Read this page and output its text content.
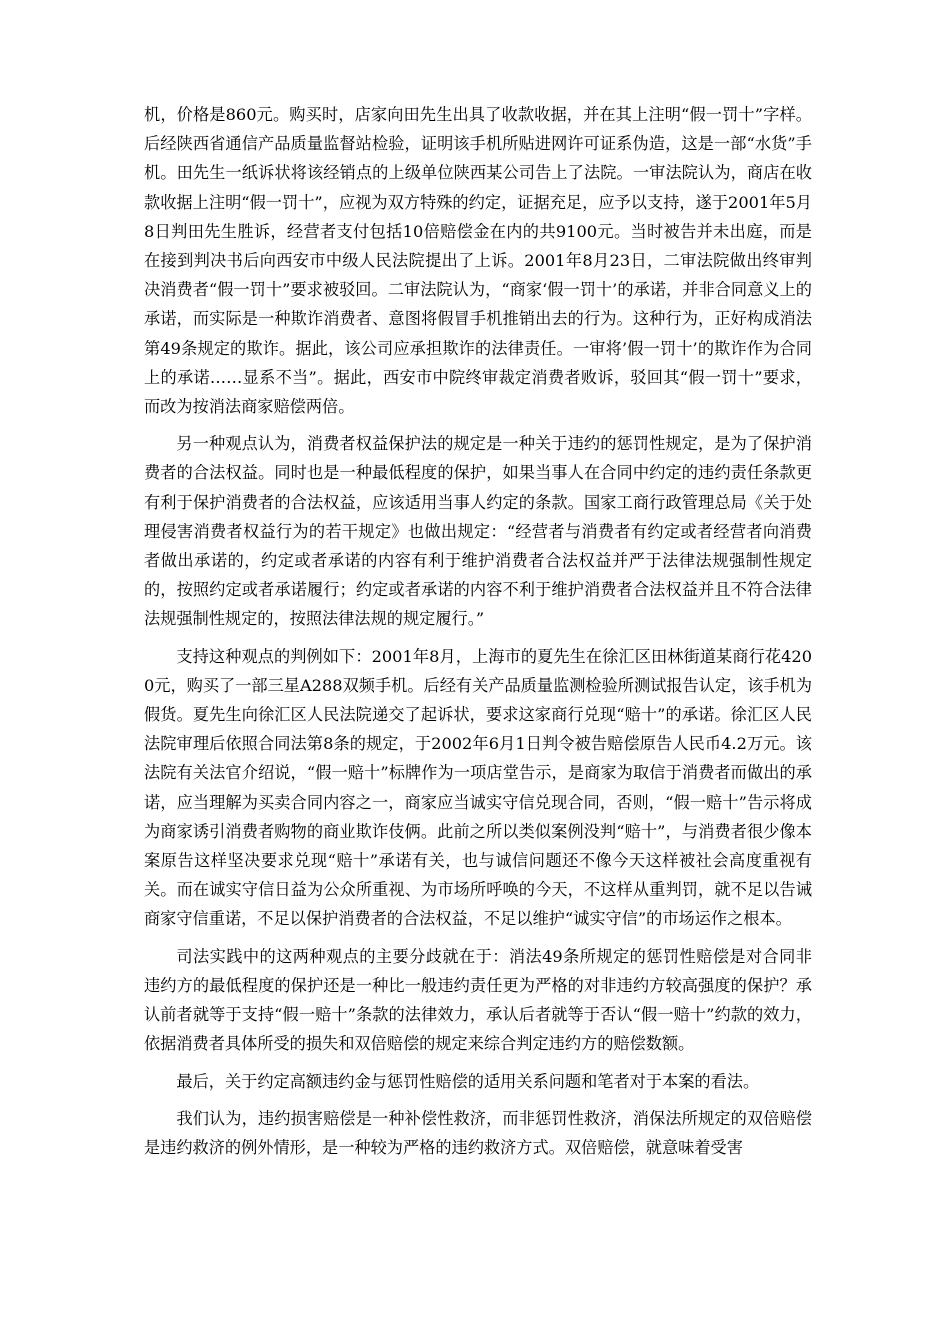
机，价格是860元。购买时，店家向田先生出具了收款收据，并在其上注明“假一罚十”字样。后经陕西省通信产品质量监督站检验，证明该手机所贴进网许可证系伪造，这是一部“水货”手机。田先生一纸诉状将该经销点的上级单位陕西某公司告上了法院。一审法院认为，商店在收款收据上注明“假一罚十”，应视为双方特殊的约定，证据充足，应予以支持，遂于2001年5月8日判田先生胜诉，经营者支付包括10倍赔偿金在内的共9100元。当时被告并未出庭，而是在接到判决书后向西安市中级人民法院提出了上诉。2001年8月23日，二审法院做出终审判决消费者“假一罚十”要求被驳回。二审法院认为，“商家‘假一罚十’的承诺，并非合同意义上的承诺，而实际是一种欺诈消费者、意图将假冒手机推销出去的行为。这种行为，正好构成消法第49条规定的欺诈。据此，该公司应承担欺诈的法律责任。一审将’假一罚十’的欺诈作为合同上的承诺……显系不当”。据此，西安市中院终审裁定消费者败诉，驳回其“假一罚十”要求，而改为按消法商家赔偿两倍。

另一种观点认为，消费者权益保护法的规定是一种关于违约的惩罚性规定，是为了保护消费者的合法权益。同时也是一种最低程度的保护，如果当事人在合同中约定的违约责任条款更有利于保护消费者的合法权益，应该适用当事人约定的条款。国家工商行政管理总局《关于处理侵害消费者权益行为的若干规定》也做出规定：“经营者与消费者有约定或者经营者向消费者做出承诺的，约定或者承诺的内容有利于维护消费者合法权益并严于法律法规强制性规定的，按照约定或者承诺履行；约定或者承诺的内容不利于维护消费者合法权益并且不符合法律法规强制性规定的，按照法律法规的规定履行。”

支持这种观点的判例如下：2001年8月，上海市的夏先生在徐汇区田林街道某商行花4200元，购买了一部三星A288双频手机。后经有关产品质量监测检验所测试报告认定，该手机为假货。夏先生向徐汇区人民法院递交了起诉状，要求这家商行兑现“赔十”的承诺。徐汇区人民法院审理后依照合同法第8条的规定，于2002年6月1日判令被告赔偿原告人民币4.2万元。该法院有关法官介绍说，“假一赔十”标牌作为一项店堂告示，是商家为取信于消费者而做出的承诺，应当理解为买卖合同内容之一，商家应当诚实守信兑现合同，否则，“假一赔十”告示将成为商家诱引消费者购物的商业欺诈伎俩。此前之所以类似案例没判“赔十”，与消费者很少像本案原告这样坚决要求兑现“赔十”承诺有关，也与诚信问题还不像今天这样被社会高度重视有关。而在诚实守信日益为公众所重视、为市场所呼唤的今天，不这样从重判罚，就不足以告诫商家守信重诺，不足以保护消费者的合法权益，不足以维护“诚实守信”的市场运作之根本。

司法实践中的这两种观点的主要分歧就在于：消法49条所规定的惩罚性赔偿是对合同非违约方的最低程度的保护还是一种比一般违约责任更为严格的对非违约方较高强度的保护？承认前者就等于支持“假一赔十”条款的法律效力，承认后者就等于否认“假一赔十”约款的效力，依据消费者具体所受的损失和双倍赔偿的规定来综合判定违约方的赔偿数额。

最后，关于约定高额违约金与惩罚性赔偿的适用关系问题和笔者对于本案的看法。

我们认为，违约损害赔偿是一种补偿性救济，而非惩罚性救济，消保法所规定的双倍赔偿是违约救济的例外情形，是一种较为严格的违约救济方式。双倍赔偿，就意味着受害
